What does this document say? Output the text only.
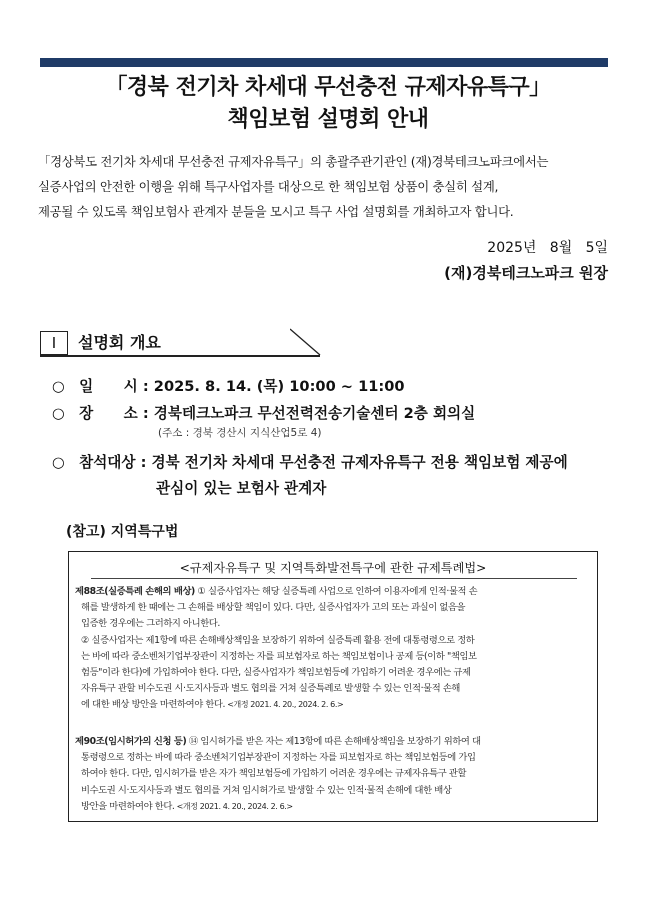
「경북 전기차 차세대 무선충전 규제자유특구」
책임보험 설명회 안내
「경상북도 전기차 차세대 무선충전 규제자유특구」의 총괄주관기관인 (재)경북테크노파크에서는
실증사업의 안전한 이행을 위해 특구사업자를 대상으로 한 책임보험 상품이 충실히 설계,
제공될 수 있도록 책임보험사 관계자 분들을 모시고 특구 사업 설명회를 개최하고자 합니다.
2025년   8월   5일
(재)경북테크노파크 원장
Ⅰ	설명회 개요
○ 일      시 : 2025. 8. 14. (목) 10:00 ~ 11:00
○ 장      소 : 경북테크노파크 무선전력전송기술센터 2층 회의실
(주소 : 경북 경산시 지식산업5로 4)
○ 참석대상 : 경북 전기차 차세대 무선충전 규제자유특구 전용 책임보험 제공에
관심이 있는 보험사 관계자
(참고) 지역특구법
<규제자유특구 및 지역특화발전특구에 관한 규제특례법>

제88조(실증특례 손해의 배상) ① 실증사업자는 해당 실증특례 사업으로 인하여 이용자에게 인적·물적 손

해를 발생하게 한 때에는 그 손해를 배상할 책임이 있다. 다만, 실증사업자가 고의 또는 과실이 없음을

입증한 경우에는 그러하지 아니한다.

② 실증사업자는 제1항에 따른 손해배상책임을 보장하기 위하여 실증특례 활용 전에 대통령령으로 정하

는 바에 따라 중소벤처기업부장관이 지정하는 자를 피보험자로 하는 책임보험이나 공제 등(이하 "책임보

험등"이라 한다)에 가입하여야 한다. 다만, 실증사업자가 책임보험등에 가입하기 어려운 경우에는 규제

자유특구 관할 비수도권 시·도지사등과 별도 협의를 거쳐 실증특례로 발생할 수 있는 인적·물적 손해

에 대한 배상 방안을 마련하여야 한다. <개정 2021. 4. 20., 2024. 2. 6.>

제90조(임시허가의 신청 등) ⑭ 임시허가를 받은 자는 제13항에 따른 손해배상책임을 보장하기 위하여 대

통령령으로 정하는 바에 따라 중소벤처기업부장관이 지정하는 자를 피보험자로 하는 책임보험등에 가입

하여야 한다. 다만, 임시허가를 받은 자가 책임보험등에 가입하기 어려운 경우에는 규제자유특구 관할

비수도권 시·도지사등과 별도 협의를 거쳐 임시허가로 발생할 수 있는 인적·물적 손해에 대한 배상

방안을 마련하여야 한다. <개정 2021. 4. 20., 2024. 2. 6.>
